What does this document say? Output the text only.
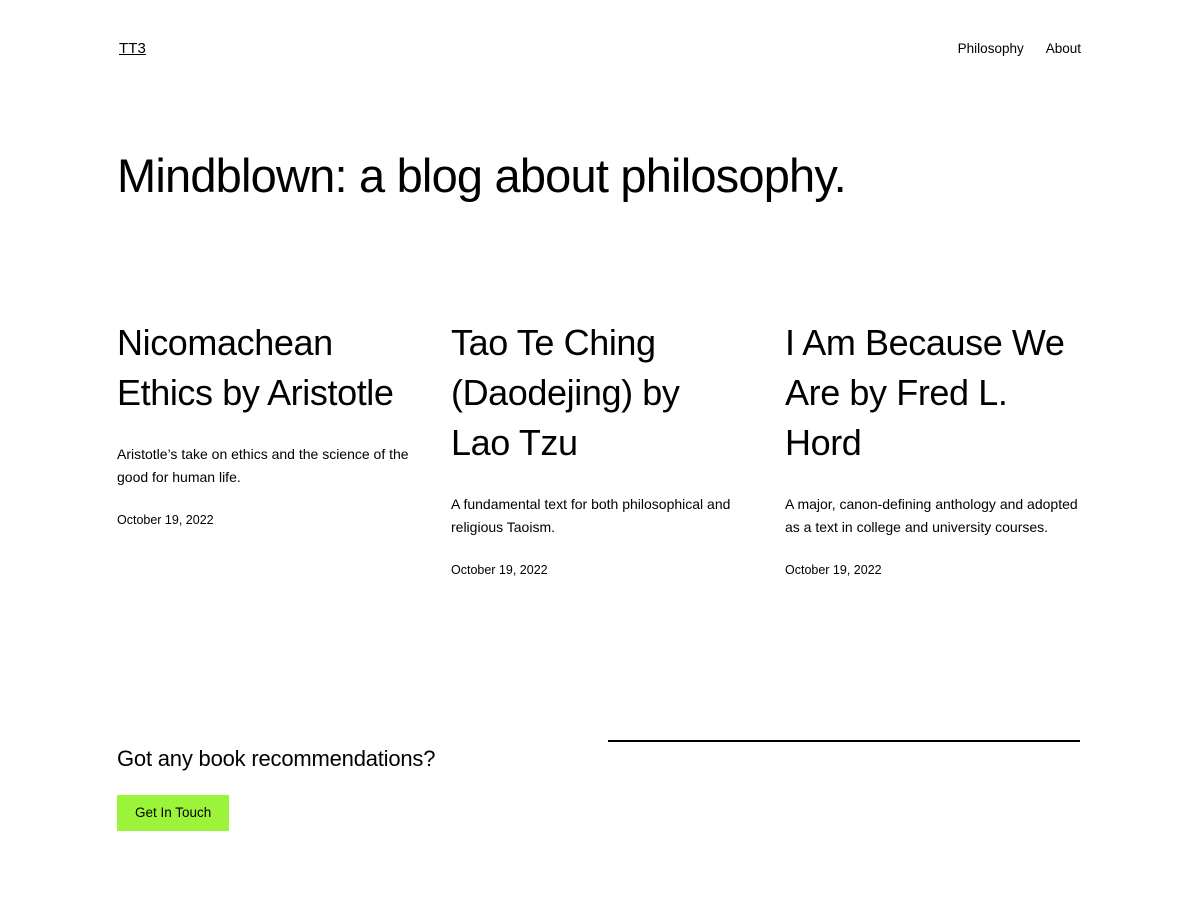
TT3	Philosophy About
Mindblown: a blog about philosophy.
Nicomachean Ethics by Aristotle

Aristotle’s take on ethics and the science of the good for human life.

October 19, 2022

Tao Te Ching (Daodejing) by Lao Tzu

A fundamental text for both philosophical and religious Taoism.

October 19, 2022

I Am Because We Are by Fred L. Hord

A major, canon-defining anthology and adopted as a text in college and university courses.

October 19, 2022

Got any book recommendations?
Get In Touch
